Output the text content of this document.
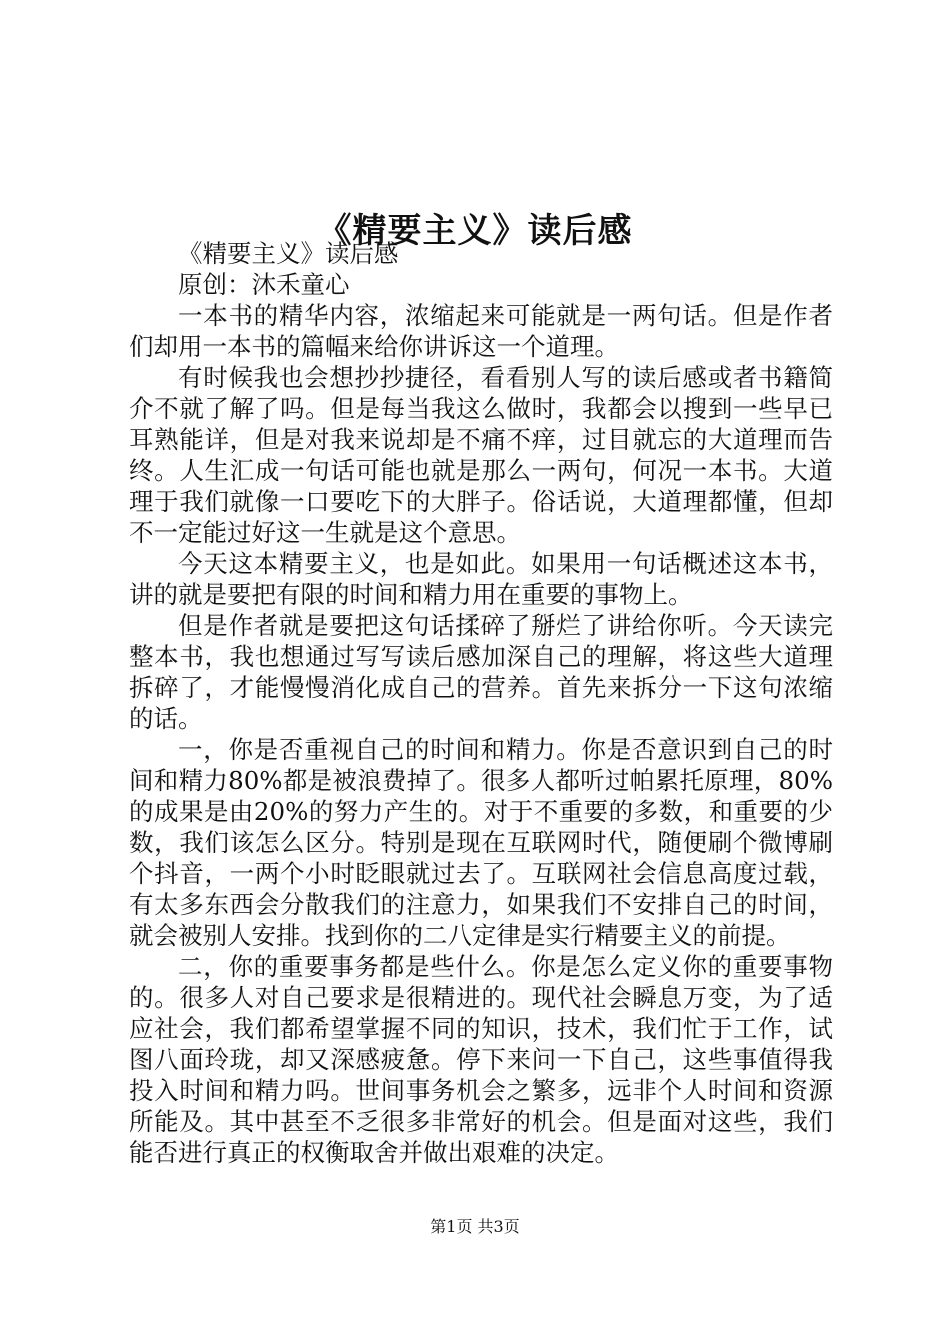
《精要主义》读后感

《精要主义》读后感

原创：沐禾童心

一本书的精华内容，浓缩起来可能就是一两句话。但是作者们却用一本书的篇幅来给你讲诉这一个道理。

有时候我也会想抄抄捷径，看看别人写的读后感或者书籍简介不就了解了吗。但是每当我这么做时，我都会以搜到一些早已耳熟能详，但是对我来说却是不痛不痒，过目就忘的大道理而告终。人生汇成一句话可能也就是那么一两句，何况一本书。大道理于我们就像一口要吃下的大胖子。俗话说，大道理都懂，但却不一定能过好这一生就是这个意思。

今天这本精要主义，也是如此。如果用一句话概述这本书，讲的就是要把有限的时间和精力用在重要的事物上。

但是作者就是要把这句话揉碎了掰烂了讲给你听。今天读完整本书，我也想通过写写读后感加深自己的理解，将这些大道理拆碎了，才能慢慢消化成自己的营养。首先来拆分一下这句浓缩的话。

一，你是否重视自己的时间和精力。你是否意识到自己的时间和精力80%都是被浪费掉了。很多人都听过帕累托原理，80%的成果是由20%的努力产生的。对于不重要的多数，和重要的少数，我们该怎么区分。特别是现在互联网时代，随便刷个微博刷个抖音，一两个小时眨眼就过去了。互联网社会信息高度过载，有太多东西会分散我们的注意力，如果我们不安排自己的时间，就会被别人安排。找到你的二八定律是实行精要主义的前提。

二，你的重要事务都是些什么。你是怎么定义你的重要事物的。很多人对自己要求是很精进的。现代社会瞬息万变，为了适应社会，我们都希望掌握不同的知识，技术，我们忙于工作，试图八面玲珑，却又深感疲惫。停下来问一下自己，这些事值得我投入时间和精力吗。世间事务机会之繁多，远非个人时间和资源所能及。其中甚至不乏很多非常好的机会。但是面对这些，我们能否进行真正的权衡取舍并做出艰难的决定。

第1页 共3页
